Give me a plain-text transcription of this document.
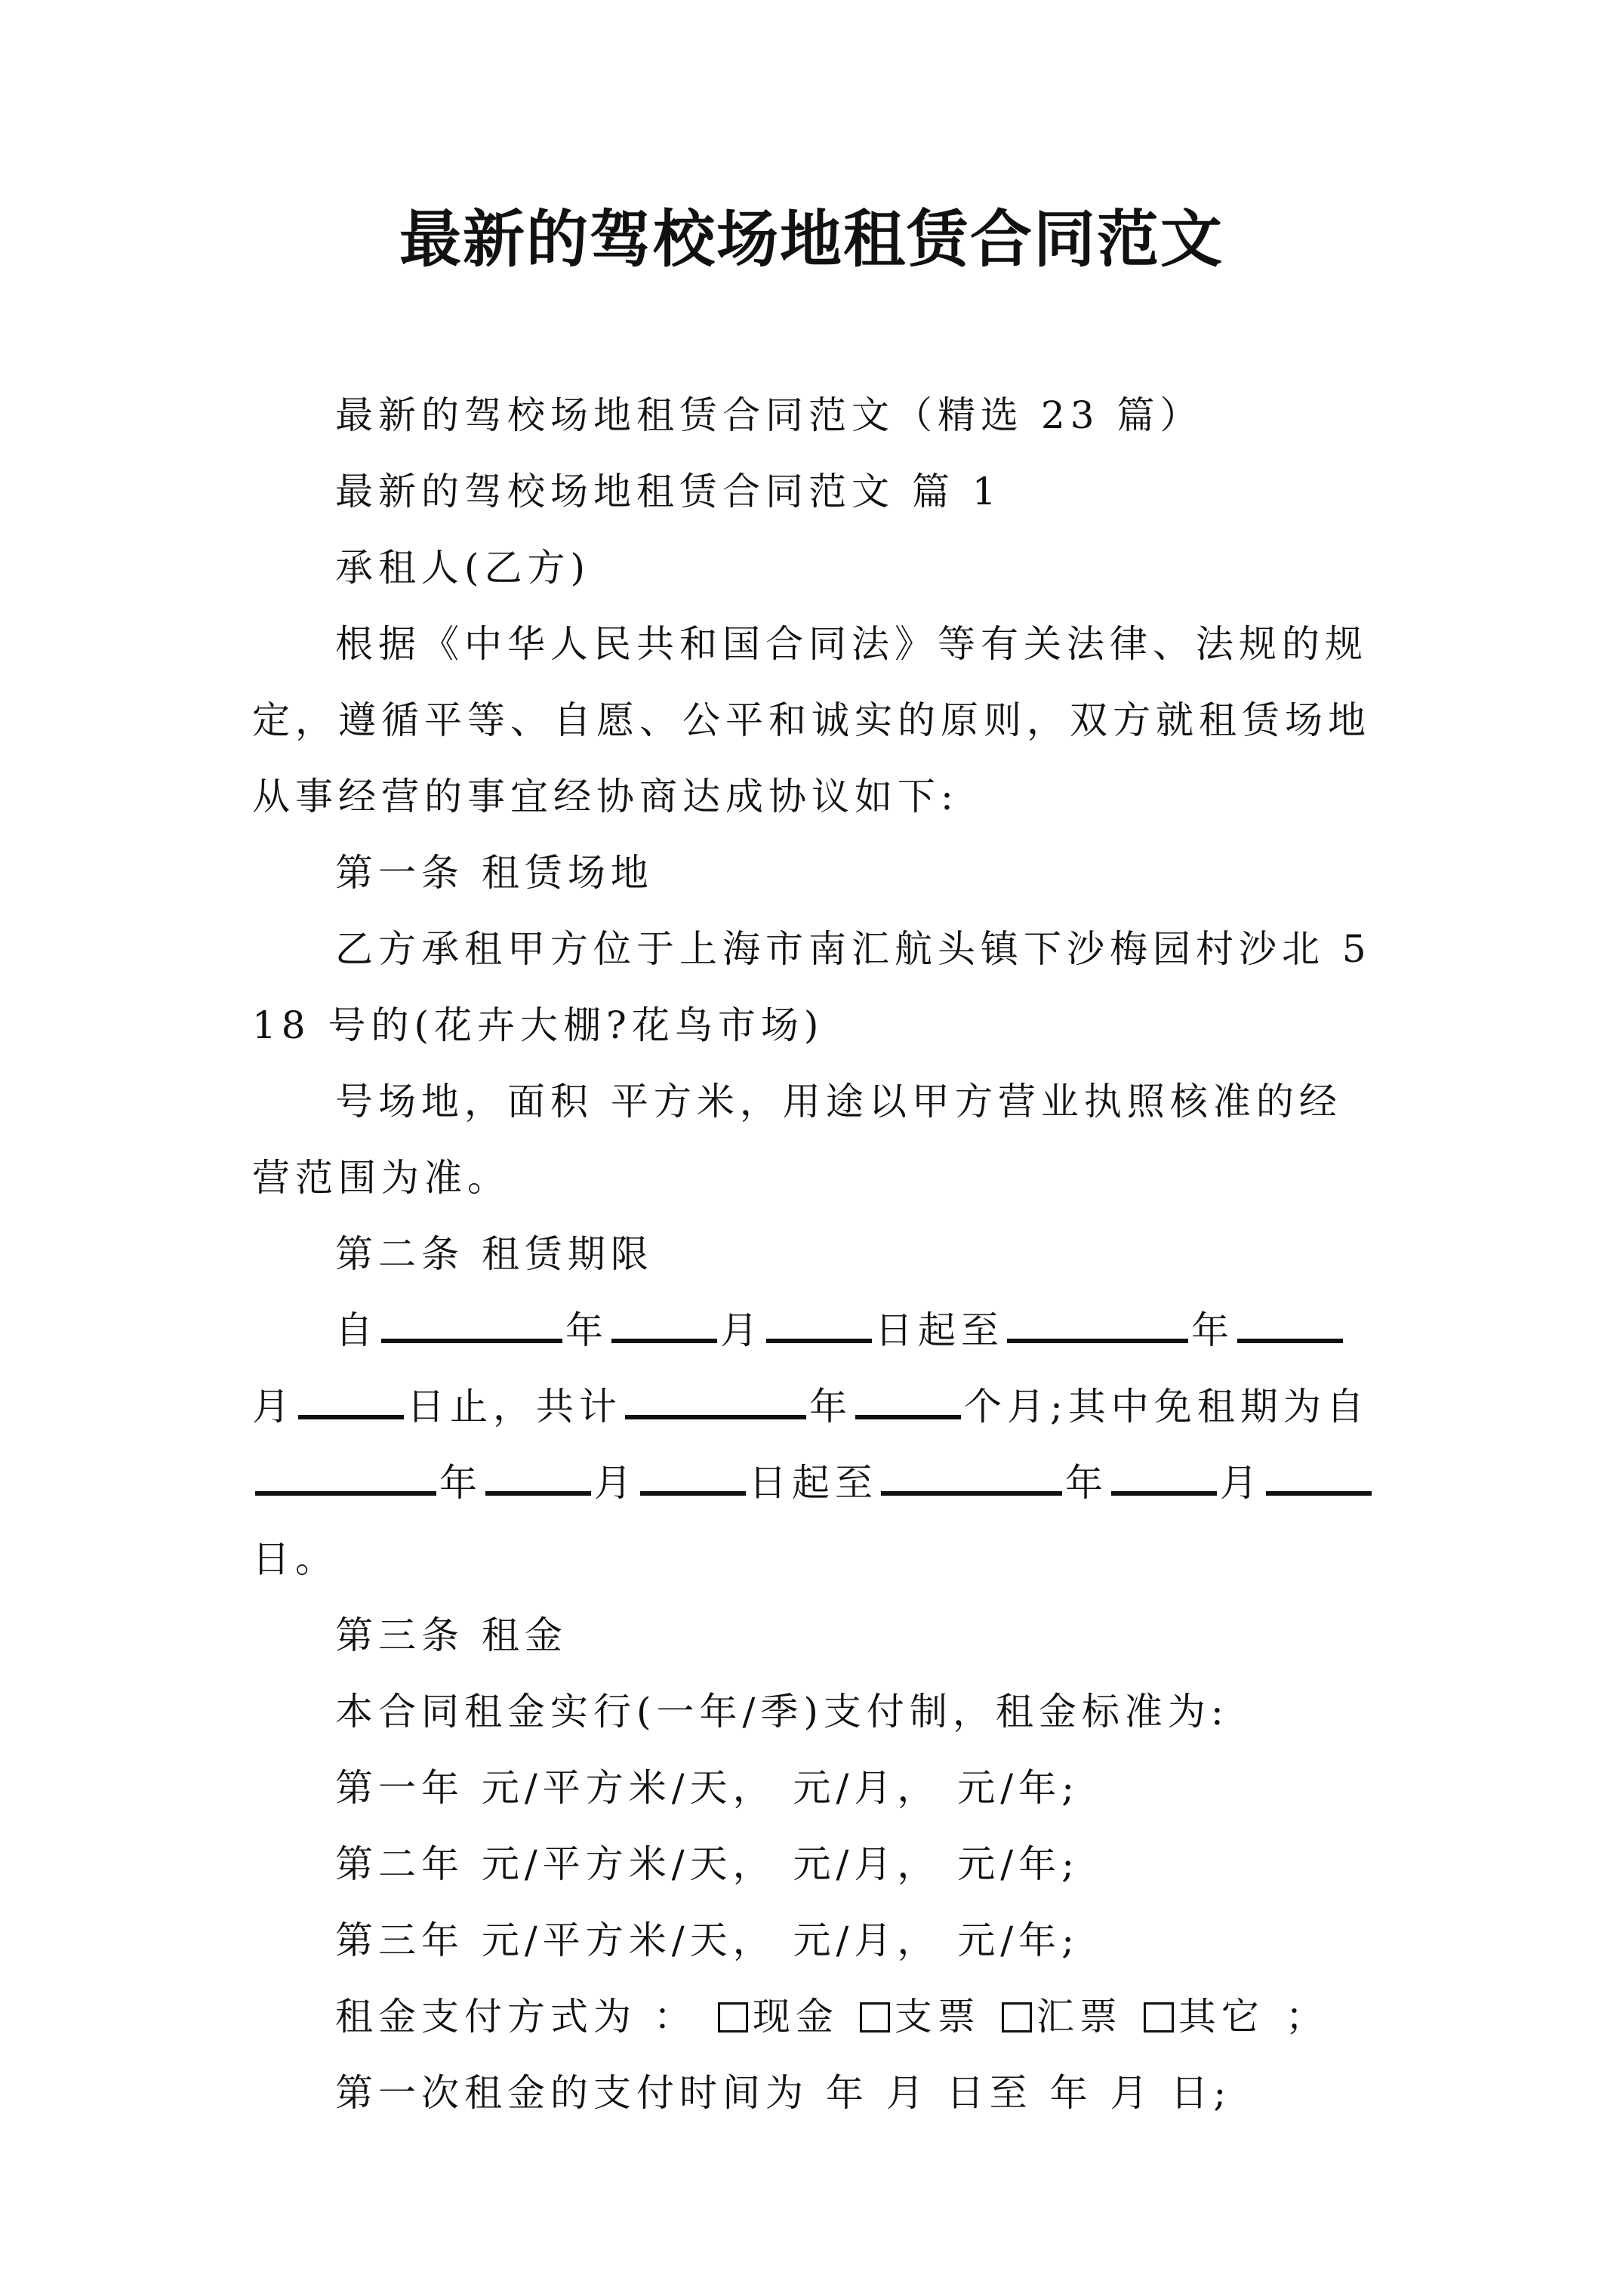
最新的驾校场地租赁合同范文

最新的驾校场地租赁合同范文（精选 23 篇）

最新的驾校场地租赁合同范文 篇 1

承租人(乙方)

根据《中华人民共和国合同法》等有关法律、法规的规定，遵循平等、自愿、公平和诚实的原则，双方就租赁场地从事经营的事宜经协商达成协议如下:

第一条 租赁场地

乙方承租甲方位于上海市南汇航头镇下沙梅园村沙北 518 号的(花卉大棚?花鸟市场)

号场地，面积 平方米，用途以甲方营业执照核准的经营范围为准。

第二条 租赁期限

自	年	月	日起至	年月	日止，共计	年	个月;其中免租期为自年	月	日起至	年	月日。

第三条 租金

本合同租金实行(一年/季)支付制，租金标准为:

第一年 元/平方米/天， 元/月， 元/年;

第二年 元/平方米/天， 元/月， 元/年;

第三年 元/平方米/天， 元/月， 元/年;

租金支付方式为 ： 现金 支票 汇票 其它 ；

第一次租金的支付时间为 年 月 日至 年 月 日;
